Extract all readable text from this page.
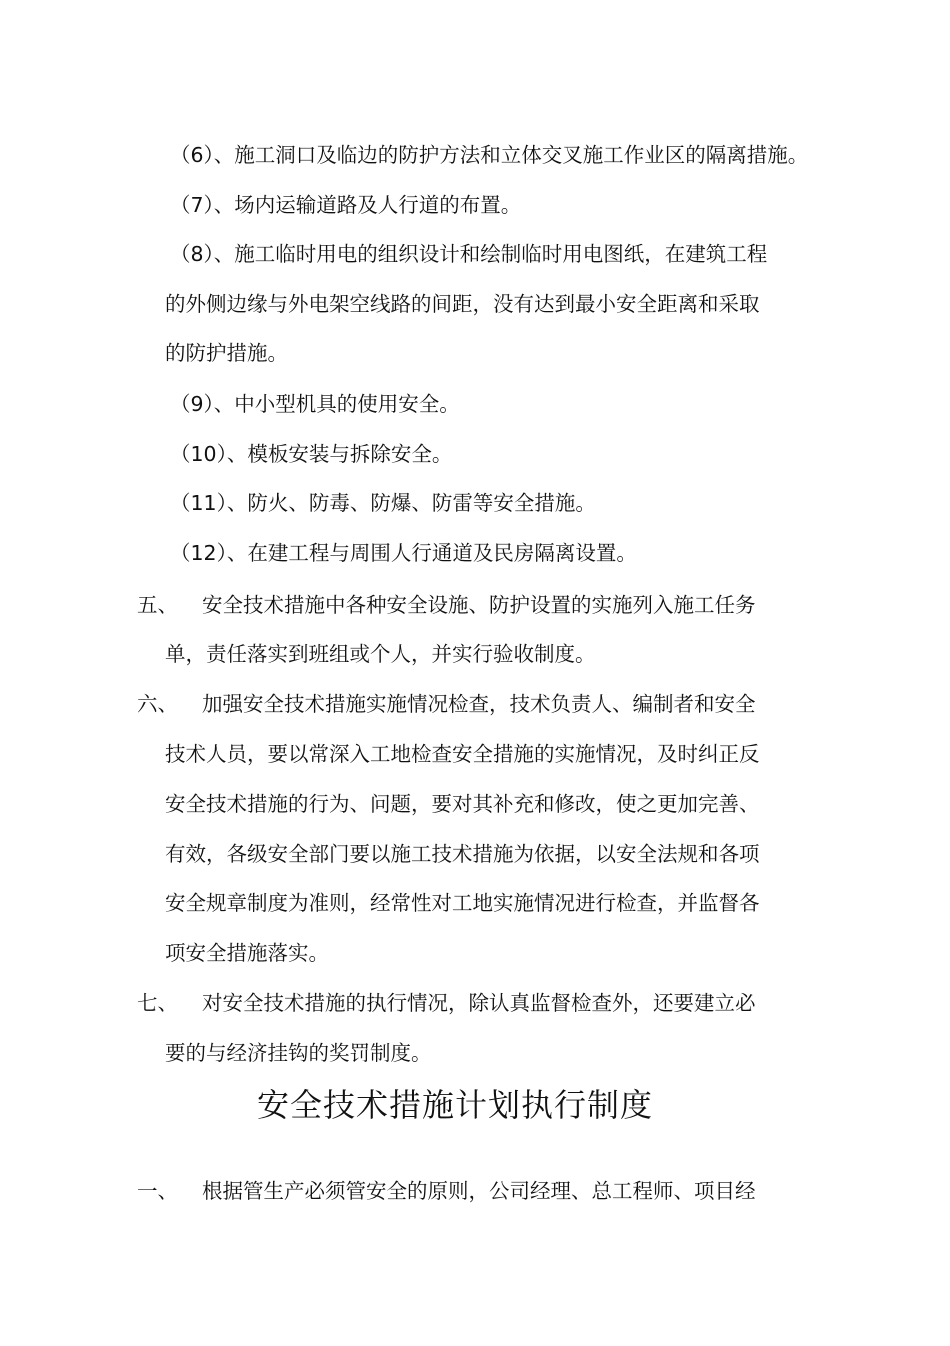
（6）、施工洞口及临边的防护方法和立体交叉施工作业区的隔离措施。
（7）、场内运输道路及人行道的布置。
（8）、施工临时用电的组织设计和绘制临时用电图纸，在建筑工程
的外侧边缘与外电架空线路的间距，没有达到最小安全距离和采取
的防护措施。
（9）、中小型机具的使用安全。
（10）、模板安装与拆除安全。
（11）、防火、防毒、防爆、防雷等安全措施。
（12）、在建工程与周围人行通道及民房隔离设置。
五、 安全技术措施中各种安全设施、防护设置的实施列入施工任务
单，责任落实到班组或个人，并实行验收制度。
六、 加强安全技术措施实施情况检查，技术负责人、编制者和安全
技术人员，要以常深入工地检查安全措施的实施情况，及时纠正反
安全技术措施的行为、问题，要对其补充和修改，使之更加完善、
有效，各级安全部门要以施工技术措施为依据，以安全法规和各项
安全规章制度为准则，经常性对工地实施情况进行检查，并监督各
项安全措施落实。
七、 对安全技术措施的执行情况，除认真监督检查外，还要建立必
要的与经济挂钩的奖罚制度。
安全技术措施计划执行制度
一、 根据管生产必须管安全的原则，公司经理、总工程师、项目经
